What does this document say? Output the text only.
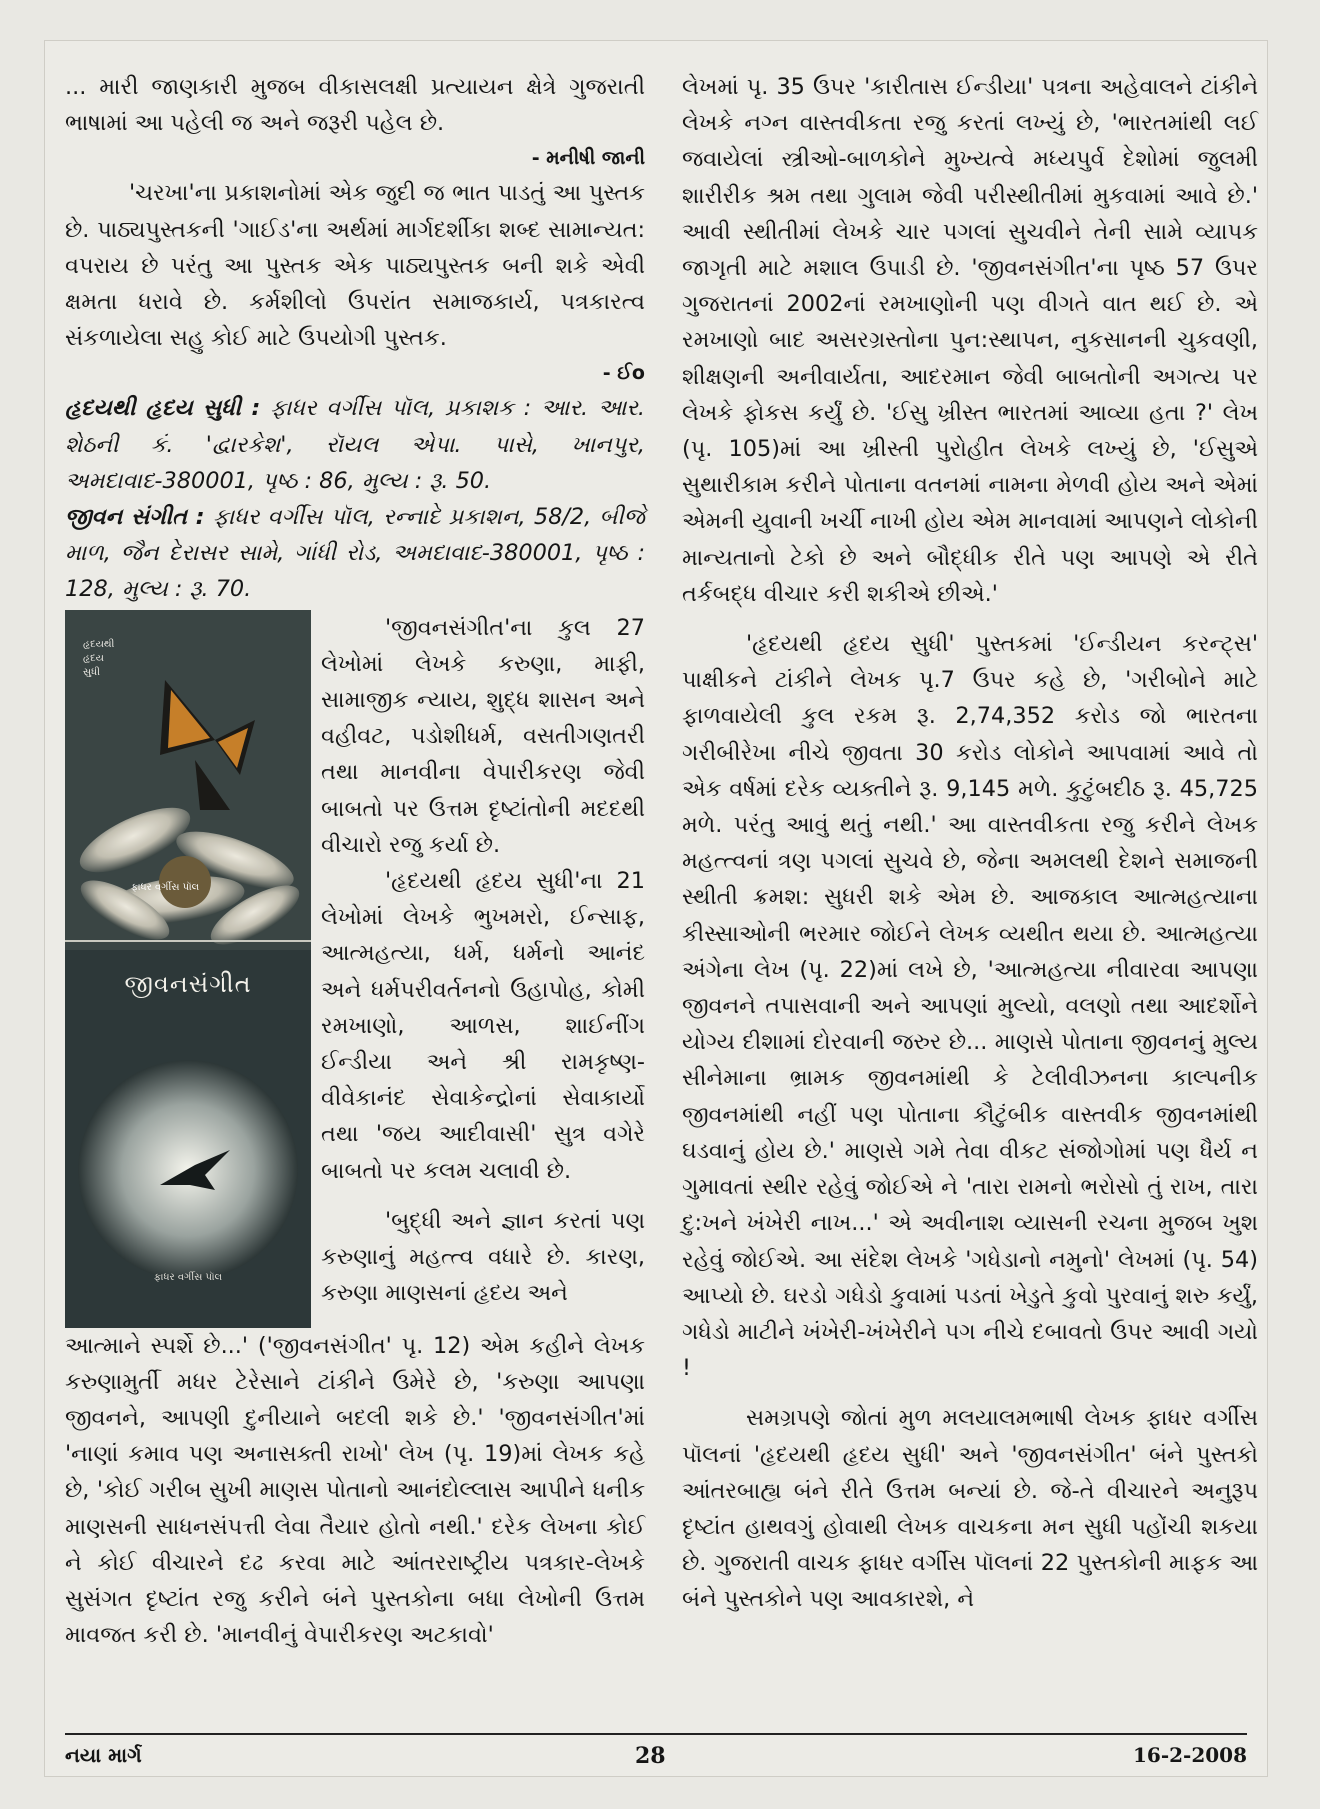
... મારી જાણકારી મુજબ વીકાસલક્ષી પ્રત્યાયન ક્ષેત્રે ગુજરાતી ભાષામાં આ પહેલી જ અને જરૂરી પહેલ છે.

- મનીષી જાની

'ચરખા'ના પ્રકાશનોમાં એક જુદી જ ભાત પાડતું આ પુસ્તક છે. પાઠ્યપુસ્તકની 'ગાઈડ'ના અર્થમાં માર્ગદર્શીકા શબ્દ સામાન્યત: વપરાય છે પરંતુ આ પુસ્તક એક પાઠ્યપુસ્તક બની શકે એવી ક્ષમતા ધરાવે છે. કર્મશીલો ઉપરાંત સમાજકાર્ય, પત્રકારત્વ સંકળાયેલા સહુ કોઈ માટે ઉપયોગી પુસ્તક.

- ઈo

હૃદયથી હૃદય સુધી : ફાધર વર્ગીસ પૉલ, પ્રકાશક : આર. આર. શેઠની કં. 'દ્વારકેશ', રૉયલ એપા. પાસે, ખાનપુર, અમદાવાદ-380001, પૃષ્ઠ : 86, મુલ્ય : રૂ. 50.

જીવન સંગીત : ફાધર વર્ગીસ પૉલ, રન્નાદે પ્રકાશન, 58/2, બીજે માળ, જૈન દેરાસર સામે, ગાંધી રોડ, અમદાવાદ-380001, પૃષ્ઠ : 128, મુલ્ય : રૂ. 70.

હૃદયથી
હૃદય
સુધી
ફાધર વર્ગીસ પૉલ
જીવનસંગીત
ફાધર વર્ગીસ પૉલ

'જીવનસંગીત'ના કુલ 27 લેખોમાં લેખકે કરુણા, માફી, સામાજીક ન્યાય, શુદ્ધ શાસન અને વહીવટ, પડોશીધર્મ, વસતીગણતરી તથા માનવીના વેપારીકરણ જેવી બાબતો પર ઉત્તમ દૃષ્ટાંતોની મદદથી વીચારો રજુ કર્યા છે.

'હૃદયથી હૃદય સુધી'ના 21 લેખોમાં લેખકે ભુખમરો, ઈન્સાફ, આત્મહત્યા, ધર્મ, ધર્મનો આનંદ અને ધર્મપરીવર્તનનો ઉહાપોહ, કોમી રમખાણો, આળસ, શાઈનીંગ ઈન્ડીયા અને શ્રી રામકૃષ્ણ-વીવેકાનંદ સેવાકેન્દ્રોનાં સેવાકાર્યો તથા 'જય આદીવાસી' સુત્ર વગેરે બાબતો પર કલમ ચલાવી છે.

'બુદ્ધી અને જ્ઞાન કરતાં પણ કરુણાનું મહત્ત્વ વધારે છે. કારણ, કરુણા માણસનાં હૃદય અને

આત્માને સ્પર્શે છે...' ('જીવનસંગીત' પૃ. 12) એમ કહીને લેખક કરુણામુર્તી મધર ટેરેસાને ટાંકીને ઉમેરે છે, 'કરુણા આપણા જીવનને, આપણી દુનીયાને બદલી શકે છે.' 'જીવનસંગીત'માં 'નાણાં કમાવ પણ અનાસક્તી રાખો' લેખ (પૃ. 19)માં લેખક કહે છે, 'કોઈ ગરીબ સુખી માણસ પોતાનો આનંદોલ્લાસ આપીને ધનીક માણસની સાધનસંપત્તી લેવા તૈયાર હોતો નથી.' દરેક લેખના કોઈ ને કોઈ વીચારને દઢ કરવા માટે આંતરરાષ્ટ્રીય પત્રકાર-લેખકે સુસંગત દૃષ્ટાંત રજુ કરીને બંને પુસ્તકોના બધા લેખોની ઉત્તમ માવજત કરી છે. 'માનવીનું વેપારીકરણ અટકાવો'

લેખમાં પૃ. 35 ઉપર 'કારીતાસ ઈન્ડીયા' પત્રના અહેવાલને ટાંકીને લેખકે નગ્ન વાસ્તવીકતા રજુ કરતાં લખ્યું છે, 'ભારતમાંથી લઈ જવાયેલાં સ્ત્રીઓ-બાળકોને મુખ્યત્વે મધ્યપુર્વ દેશોમાં જુલમી શારીરીક શ્રમ તથા ગુલામ જેવી પરીસ્થીતીમાં મુકવામાં આવે છે.' આવી સ્થીતીમાં લેખકે ચાર પગલાં સુચવીને તેની સામે વ્યાપક જાગૃતી માટે મશાલ ઉપાડી છે. 'જીવનસંગીત'ના પૃષ્ઠ 57 ઉપર ગુજરાતનાં 2002નાં રમખાણોની પણ વીગતે વાત થઈ છે. એ રમખાણો બાદ અસરગ્રસ્તોના પુન:સ્થાપન, નુકસાનની ચુકવણી, શીક્ષણની અનીવાર્યતા, આદરમાન જેવી બાબતોની અગત્ય પર લેખકે ફોકસ કર્યું છે. 'ઈસુ ખ્રીસ્ત ભારતમાં આવ્યા હતા ?' લેખ (પૃ. 105)માં આ ખ્રીસ્તી પુરોહીત લેખકે લખ્યું છે, 'ઈસુએ સુથારીકામ કરીને પોતાના વતનમાં નામના મેળવી હોય અને એમાં એમની યુવાની ખર્ચી નાખી હોય એમ માનવામાં આપણને લોકોની માન્યતાનો ટેકો છે અને બૌદ્ધીક રીતે પણ આપણે એ રીતે તર્કબદ્ધ વીચાર કરી શકીએ છીએ.'

'હૃદયથી હૃદય સુધી' પુસ્તકમાં 'ઈન્ડીયન કરન્ટ્સ' પાક્ષીકને ટાંકીને લેખક પૃ.7 ઉપર કહે છે, 'ગરીબોને માટે ફાળવાયેલી કુલ રકમ રૂ. 2,74,352 કરોડ જો ભારતના ગરીબીરેખા નીચે જીવતા 30 કરોડ લોકોને આપવામાં આવે તો એક વર્ષમાં દરેક વ્યક્તીને રૂ. 9,145 મળે. કુટુંબદીઠ રૂ. 45,725 મળે. પરંતુ આવું થતું નથી.' આ વાસ્તવીકતા રજુ કરીને લેખક મહત્ત્વનાં ત્રણ પગલાં સુચવે છે, જેના અમલથી દેશને સમાજની સ્થીતી ક્રમશ: સુધરી શકે એમ છે. આજકાલ આત્મહત્યાના કીસ્સાઓની ભરમાર જોઈને લેખક વ્યથીત થયા છે. આત્મહત્યા અંગેના લેખ (પૃ. 22)માં લખે છે, 'આત્મહત્યા નીવારવા આપણા જીવનને તપાસવાની અને આપણાં મુલ્યો, વલણો તથા આદર્શોને યોગ્ય દીશામાં દોરવાની જરુર છે... માણસે પોતાના જીવનનું મુલ્ય સીનેમાના ભ્રામક જીવનમાંથી કે ટેલીવીઝનના કાલ્પનીક જીવનમાંથી નહીં પણ પોતાના કૌટુંબીક વાસ્તવીક જીવનમાંથી ઘડવાનું હોય છે.' માણસે ગમે તેવા વીકટ સંજોગોમાં પણ ધૈર્ય ન ગુમાવતાં સ્થીર રહેવું જોઈએ ને 'તારા રામનો ભરોસો તું રાખ, તારા દુ:ખને ખંખેરી નાખ...' એ અવીનાશ વ્યાસની રચના મુજબ ખુશ રહેવું જોઈએ. આ સંદેશ લેખકે 'ગધેડાનો નમુનો' લેખમાં (પૃ. 54) આપ્યો છે. ઘરડો ગધેડો કુવામાં પડતાં ખેડુતે કુવો પુરવાનું શરુ કર્યું, ગધેડો માટીને ખંખેરી-ખંખેરીને પગ નીચે દબાવતો ઉપર આવી ગયો !

સમગ્રપણે જોતાં મુળ મલયાલમભાષી લેખક ફાધર વર્ગીસ પૉલનાં 'હૃદયથી હૃદય સુધી' અને 'જીવનસંગીત' બંને પુસ્તકો આંતરબાહ્ય બંને રીતે ઉત્તમ બન્યાં છે. જે-તે વીચારને અનુરૂપ દૃષ્ટાંત હાથવગું હોવાથી લેખક વાચકના મન સુધી પહોંચી શકયા છે. ગુજરાતી વાચક ફાધર વર્ગીસ પૉલનાં 22 પુસ્તકોની માફક આ બંને પુસ્તકોને પણ આવકારશે, ને

નયા માર્ગ	28	16-2-2008
